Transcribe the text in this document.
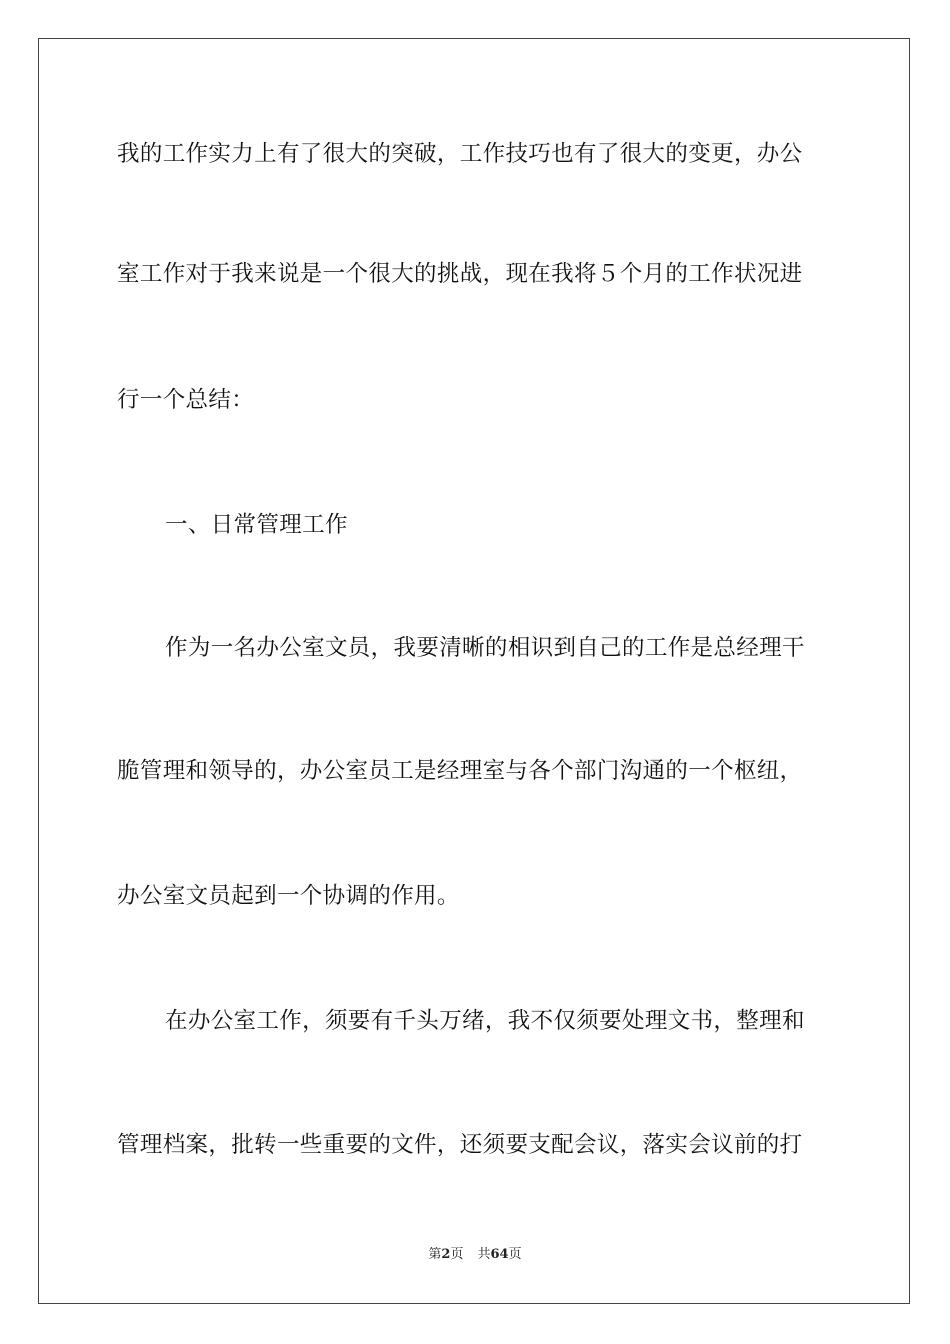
我的工作实力上有了很大的突破，工作技巧也有了很大的变更，办公
室工作对于我来说是一个很大的挑战，现在我将５个月的工作状况进
行一个总结：
一、日常管理工作
作为一名办公室文员，我要清晰的相识到自己的工作是总经理干
脆管理和领导的，办公室员工是经理室与各个部门沟通的一个枢纽，
办公室文员起到一个协调的作用。
在办公室工作，须要有千头万绪，我不仅须要处理文书，整理和
管理档案，批转一些重要的文件，还须要支配会议，落实会议前的打
第2页 共64页
